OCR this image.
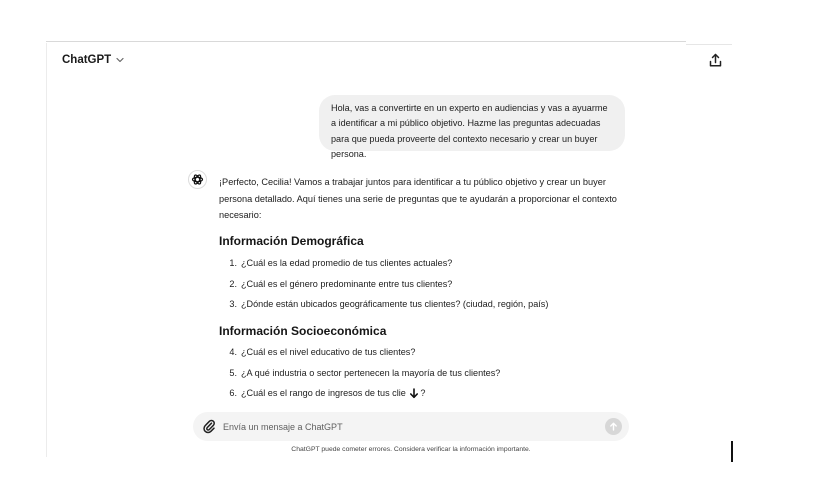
ChatGPT
Hola, vas a convertirte en un experto en audiencias y vas a ayuarme a identificar a mi público objetivo. Hazme las preguntas adecuadas para que pueda proveerte del contexto necesario y crear un buyer persona.

¡Perfecto, Cecilia! Vamos a trabajar juntos para identificar a tu público objetivo y crear un buyer persona detallado. Aquí tienes una serie de preguntas que te ayudarán a proporcionar el contexto necesario:

Información Demográfica
1. ¿Cuál es la edad promedio de tus clientes actuales?
2. ¿Cuál es el género predominante entre tus clientes?
3. ¿Dónde están ubicados geográficamente tus clientes? (ciudad, región, país)
Información Socioeconómica
4. ¿Cuál es el nivel educativo de tus clientes?
5. ¿A qué industria o sector pertenecen la mayoría de tus clientes?
6. ¿Cuál es el rango de ingresos de tus clie ?
Envía un mensaje a ChatGPT
ChatGPT puede cometer errores. Considera verificar la información importante.
